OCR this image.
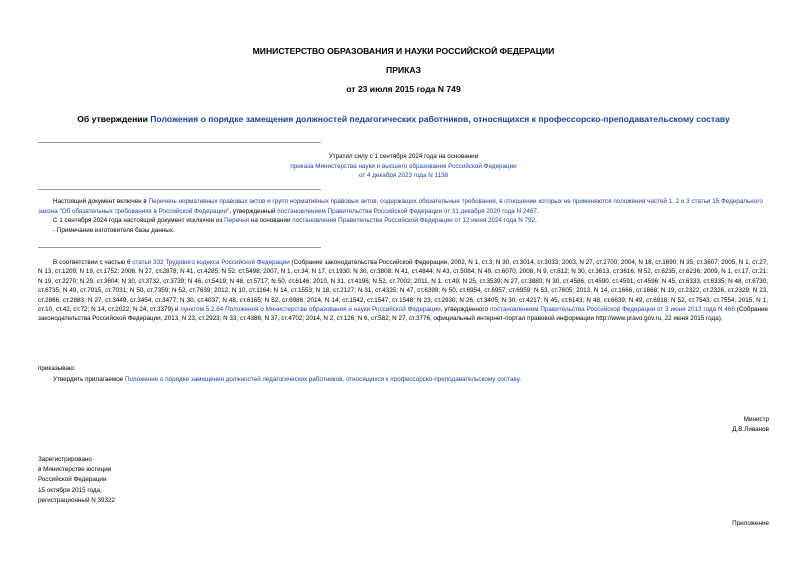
МИНИСТЕРСТВО ОБРАЗОВАНИЯ И НАУКИ РОССИЙСКОЙ ФЕДЕРАЦИИ
ПРИКАЗ
от 23 июля 2015 года N 749
Об утверждении Положения о порядке замещения должностей педагогических работников, относящихся к профессорско-преподавательскому составу
Утратил силу с 1 сентября 2024 года на основании
приказа Министерства науки и высшего образования Российской Федерации
от 4 декабря 2023 года N 1138

Настоящий документ включен в Перечень нормативных правовых актов и групп нормативных правовых актов, содержащих обязательные требования, в отношении которых не применяются положения частей 1, 2 и 3 статьи 15 Федерального закона "Об обязательных требованиях в Российской Федерации", утвержденный постановлением Правительства Российской Федерации от 31 декабря 2020 года N 2467.

С 1 сентября 2024 года настоящий документ исключен из Перечня на основании постановления Правительства Российской Федерации от 12 июня 2024 года N 792.

- Примечание изготовителя базы данных.

В соответствии с частью 6 статьи 332 Трудового кодекса Российской Федерации (Собрание законодательства Российской Федерации, 2002, N 1, ст.3; N 30, ст.3014, ст.3033; 2003, N 27, ст.2700; 2004, N 18, ст.1690; N 35, ст.3607; 2005, N 1, ст.27; N 13, ст.1209; N 19, ст.1752; 2006, N 27, ст.2878; N 41, ст.4285; N 52, ст.5498; 2007, N 1, ст.34; N 17, ст.1930; N 30, ст.3808; N 41, ст.4844; N 43, ст.5084; N 49, ст.6070; 2008, N 9, ст.812; N 30, ст.3613, ст.3616; N 52, ст.6235, ст.6236; 2009, N 1, ст.17, ст.21; N 19, ст.2270; N 29, ст.3604; N 30, ст.3732, ст.3739; N 46, ст.5419; N 48, ст.5717; N 50, ст.6146; 2010, N 31, ст.4196; N 52, ст.7002; 2011, N 1, ст.49; N 25, ст.3539; N 27, ст.3880; N 30, ст.4586, ст.4590, ст.4591, ст.4596; N 45, ст.6333, ст.6335; N 48, ст.6730, ст.6735; N 49, ст.7015, ст.7031; N 50, ст.7359; N 52, ст.7639; 2012, N 10, ст.1164; N 14, ст.1553; N 18, ст.2127; N 31, ст.4325; N 47, ст.6399; N 50, ст.6954, ст.6957, ст.6959; N 53, ст.7605; 2013, N 14, ст.1666, ст.1668; N 19, ст.2322, ст.2326, ст.2329; N 23, ст.2866, ст.2883; N 27, ст.3449, ст.3454, ст.3477; N 30, ст.4037; N 48, ст.6165; N 52, ст.6986; 2014, N 14, ст.1542, ст.1547, ст.1548; N 23, ст.2930; N 26, ст.3405; N 30, ст.4217; N 45, ст.6143; N 48, ст.6639; N 49, ст.6918; N 52, ст.7543, ст.7554; 2015, N 1, ст.10, ст.42, ст.72; N 14, ст.2022; N 24, ст.3379) и пунктом 5.2.64 Положения о Министерстве образования и науки Российской Федерации, утвержденного постановлением Правительства Российской Федерации от 3 июня 2013 года N 466 (Собрание законодательства Российской Федерации, 2013, N 23, ст.2923; N 33, ст.4386; N 37, ст.4702; 2014, N 2, ст.126; N 6, ст.582; N 27, ст.3776; официальный интернет-портал правовой информации http://www.pravo.gov.ru, 22 июня 2015 года),

приказываю:

Утвердить прилагаемое Положение о порядке замещения должностей педагогических работников, относящихся к профессорско-преподавательскому составу.

Министр
Д.В.Ливанов
Зарегистрировано
в Министерстве юстиции
Российской Федерации
15 октября 2015 года,
регистрационный N 39322
Приложение
